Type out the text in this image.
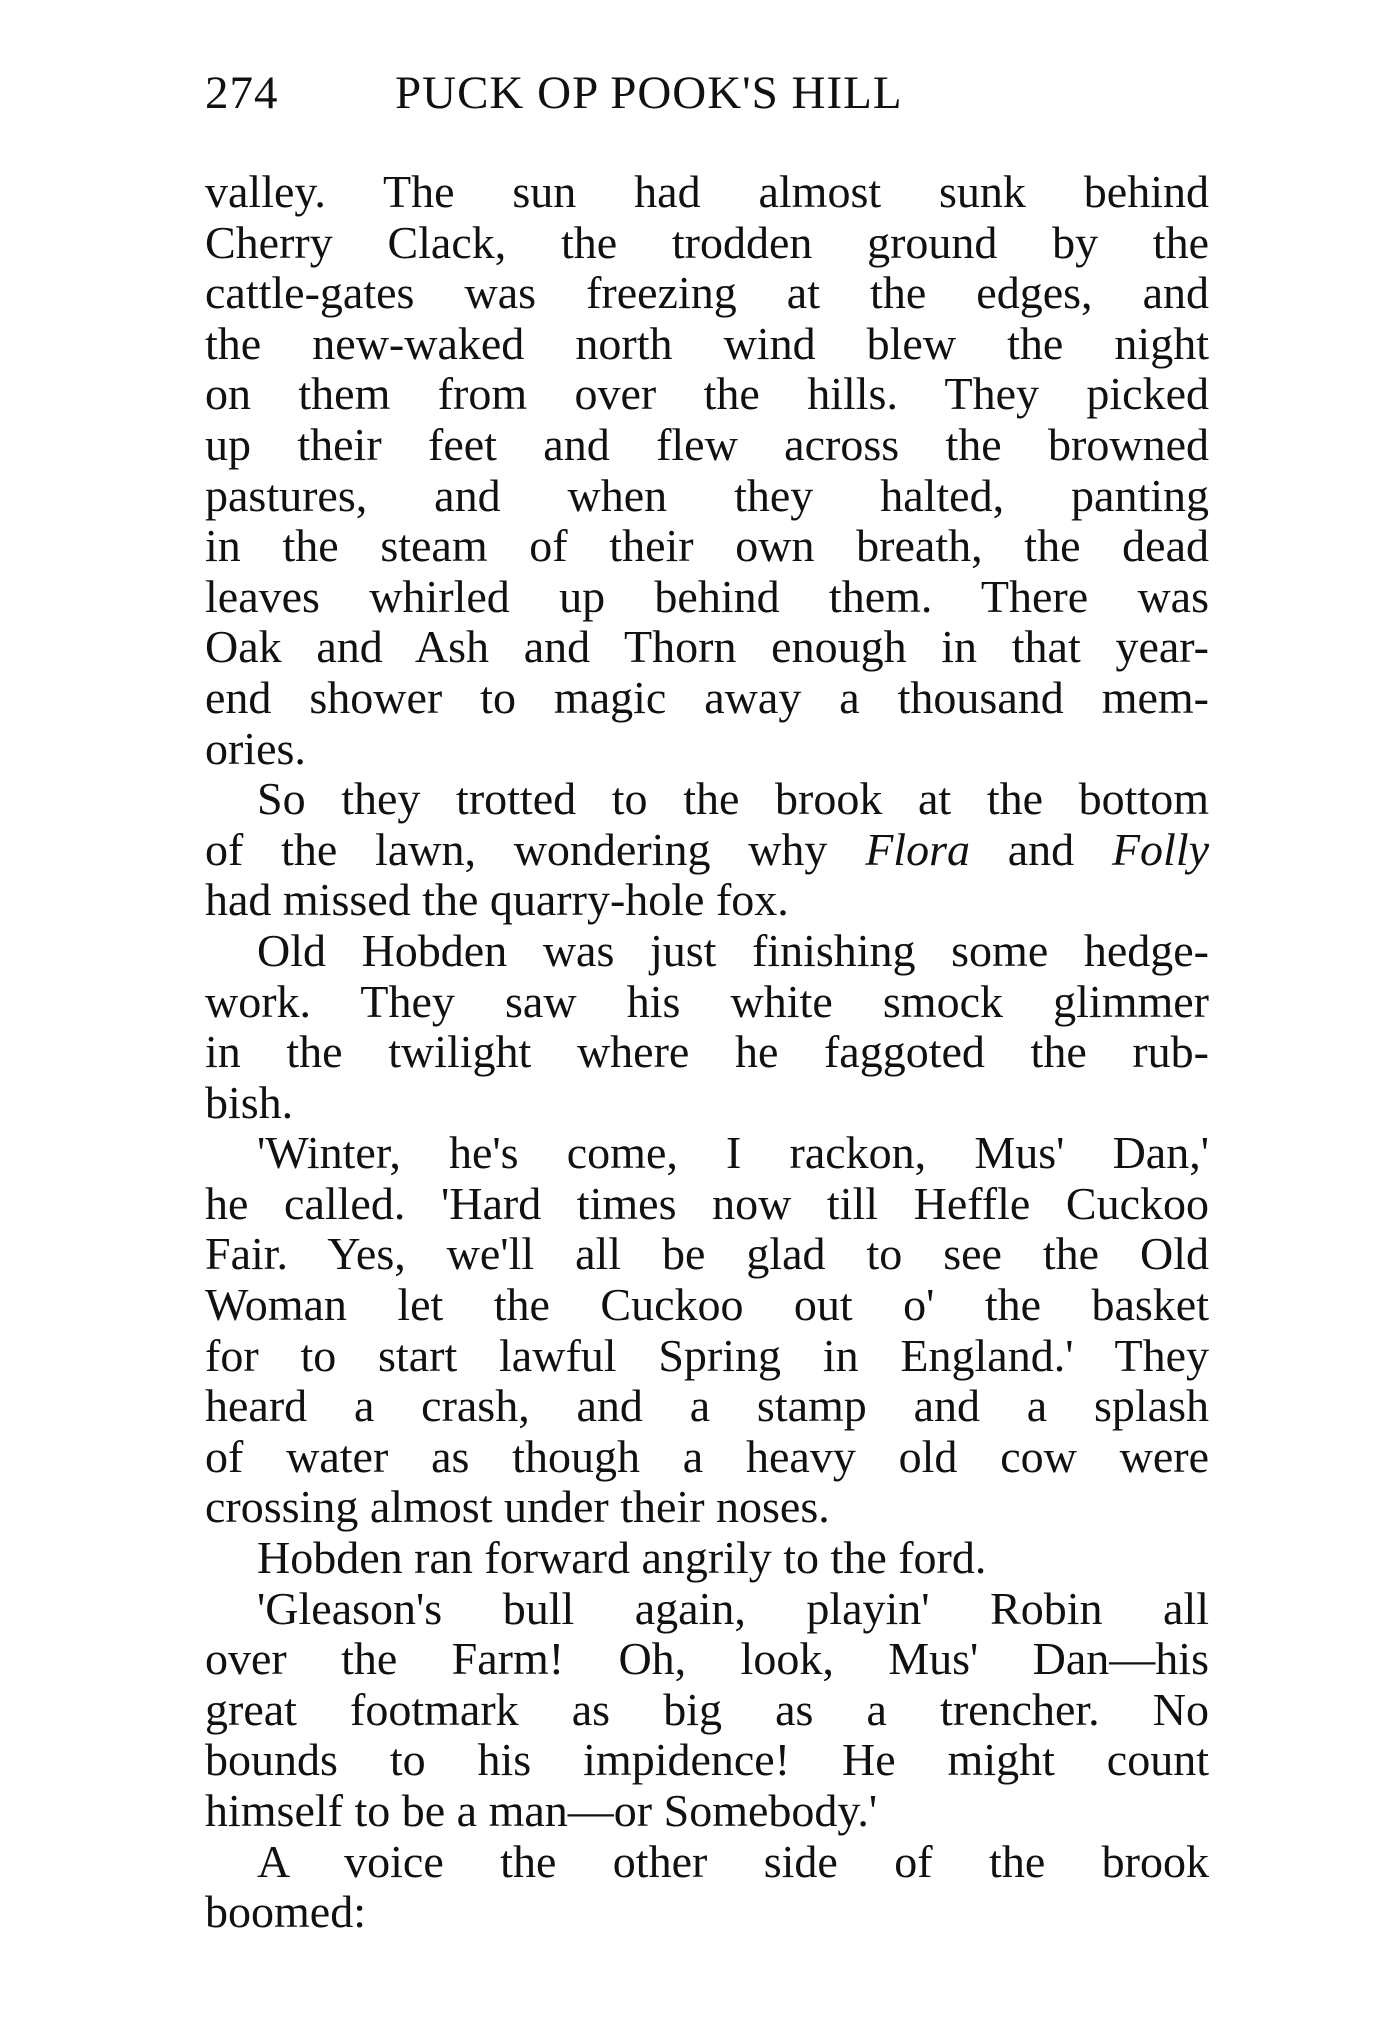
274 PUCK OP POOK'S HILL
valley. The sun had almost sunk behind
Cherry Clack, the trodden ground by the
cattle-gates was freezing at the edges, and
the new-waked north wind blew the night
on them from over the hills. They picked
up their feet and flew across the browned
pastures, and when they halted, panting
in the steam of their own breath, the dead
leaves whirled up behind them. There was
Oak and Ash and Thorn enough in that year-
end shower to magic away a thousand mem-
ories.
So they trotted to the brook at the bottom
of the lawn, wondering why Flora and Folly
had missed the quarry-hole fox.
Old Hobden was just finishing some hedge-
work. They saw his white smock glimmer
in the twilight where he faggoted the rub-
bish.
'Winter, he's come, I rackon, Mus' Dan,'
he called. 'Hard times now till Heffle Cuckoo
Fair. Yes, we'll all be glad to see the Old
Woman let the Cuckoo out o' the basket
for to start lawful Spring in England.' They
heard a crash, and a stamp and a splash
of water as though a heavy old cow were
crossing almost under their noses.
Hobden ran forward angrily to the ford.
'Gleason's bull again, playin' Robin all
over the Farm! Oh, look, Mus' Dan—his
great footmark as big as a trencher. No
bounds to his impidence! He might count
himself to be a man—or Somebody.'
A voice the other side of the brook
boomed:
